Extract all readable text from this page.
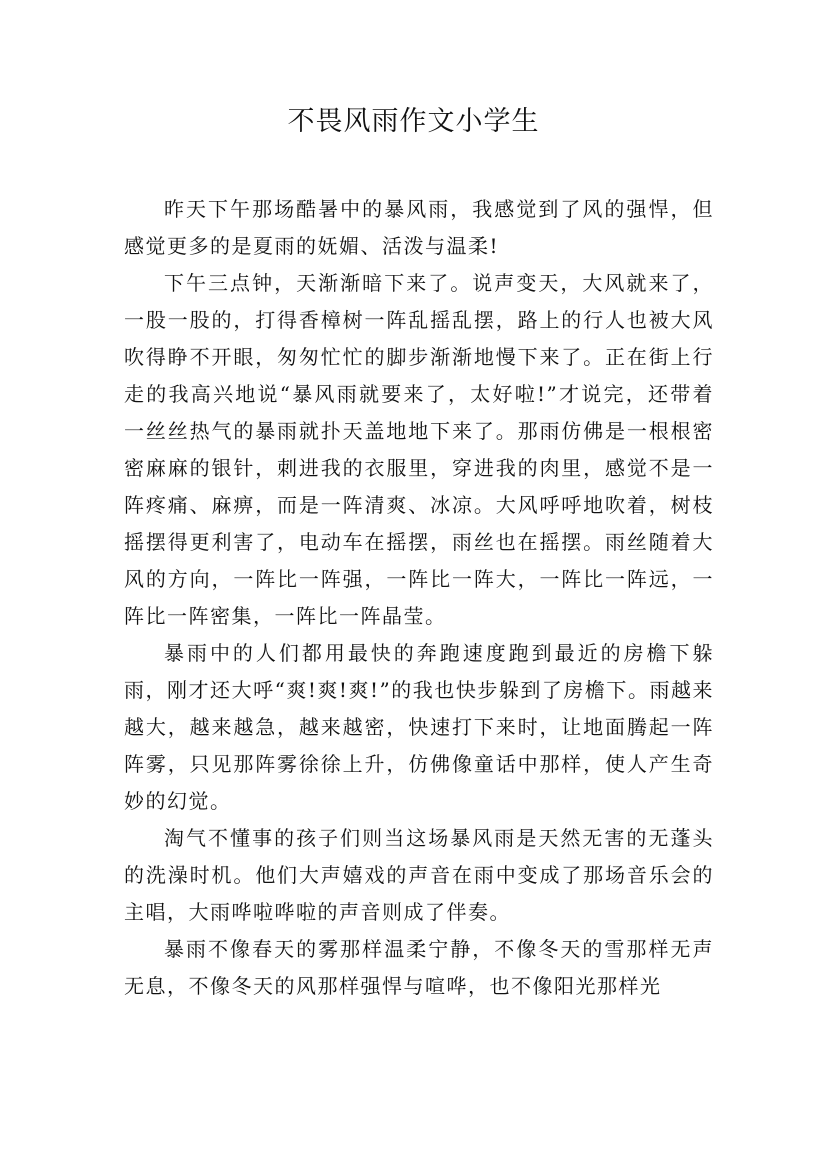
不畏风雨作文小学生

昨天下午那场酷暑中的暴风雨，我感觉到了风的强悍，但感觉更多的是夏雨的妩媚、活泼与温柔!

下午三点钟，天渐渐暗下来了。说声变天，大风就来了，一股一股的，打得香樟树一阵乱摇乱摆，路上的行人也被大风吹得睁不开眼，匆匆忙忙的脚步渐渐地慢下来了。正在街上行走的我高兴地说“暴风雨就要来了，太好啦!”才说完，还带着一丝丝热气的暴雨就扑天盖地地下来了。那雨仿佛是一根根密密麻麻的银针，刺进我的衣服里，穿进我的肉里，感觉不是一阵疼痛、麻痹，而是一阵清爽、冰凉。大风呼呼地吹着，树枝摇摆得更利害了，电动车在摇摆，雨丝也在摇摆。雨丝随着大风的方向，一阵比一阵强，一阵比一阵大，一阵比一阵远，一阵比一阵密集，一阵比一阵晶莹。

暴雨中的人们都用最快的奔跑速度跑到最近的房檐下躲雨，刚才还大呼“爽!爽!爽!”的我也快步躲到了房檐下。雨越来越大，越来越急，越来越密，快速打下来时，让地面腾起一阵阵雾，只见那阵雾徐徐上升，仿佛像童话中那样，使人产生奇妙的幻觉。

淘气不懂事的孩子们则当这场暴风雨是天然无害的无蓬头的洗澡时机。他们大声嬉戏的声音在雨中变成了那场音乐会的主唱，大雨哗啦哗啦的声音则成了伴奏。

暴雨不像春天的雾那样温柔宁静，不像冬天的雪那样无声无息，不像冬天的风那样强悍与喧哗，也不像阳光那样光
